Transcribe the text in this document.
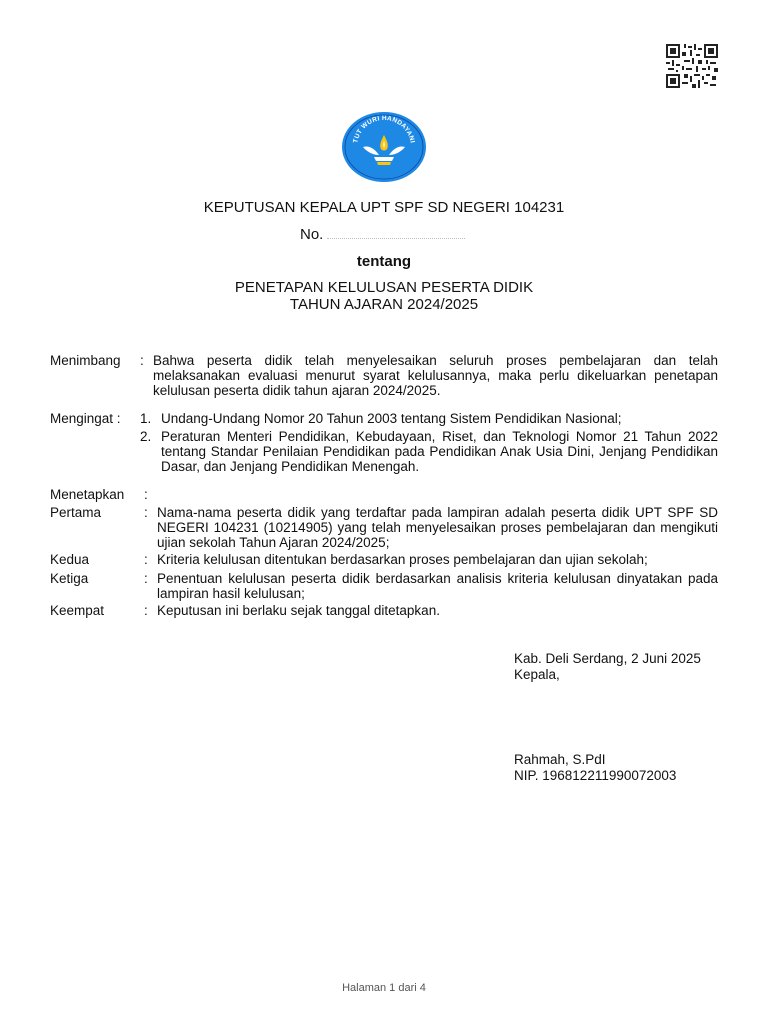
TUT WURI HANDAYANI
KEPUTUSAN KEPALA UPT SPF SD NEGERI 104231
No.
tentang
PENETAPAN KELULUSAN PESERTA DIDIK
TAHUN AJARAN 2024/2025
Menimbang : Bahwa peserta didik telah menyelesaikan seluruh proses pembelajaran dan telah melaksanakan evaluasi menurut syarat kelulusannya, maka perlu dikeluarkan penetapan kelulusan peserta didik tahun ajaran 2024/2025.
Mengingat : 1. Undang-Undang Nomor 20 Tahun 2003 tentang Sistem Pendidikan Nasional;
2. Peraturan Menteri Pendidikan, Kebudayaan, Riset, dan Teknologi Nomor 21 Tahun 2022 tentang Standar Penilaian Pendidikan pada Pendidikan Anak Usia Dini, Jenjang Pendidikan Dasar, dan Jenjang Pendidikan Menengah.
Menetapkan :
Pertama	: Nama-nama peserta didik yang terdaftar pada lampiran adalah peserta didik UPT SPF SD NEGERI 104231 (10214905) yang telah menyelesaikan proses pembelajaran dan mengikuti ujian sekolah Tahun Ajaran 2024/2025;
Kedua	: Kriteria kelulusan ditentukan berdasarkan proses pembelajaran dan ujian sekolah;
Ketiga	: Penentuan kelulusan peserta didik berdasarkan analisis kriteria kelulusan dinyatakan pada lampiran hasil kelulusan;
Keempat	: Keputusan ini berlaku sejak tanggal ditetapkan.
Kab. Deli Serdang, 2 Juni 2025
Kepala,
Rahmah, S.PdI
NIP. 196812211990072003
Halaman 1 dari 4
